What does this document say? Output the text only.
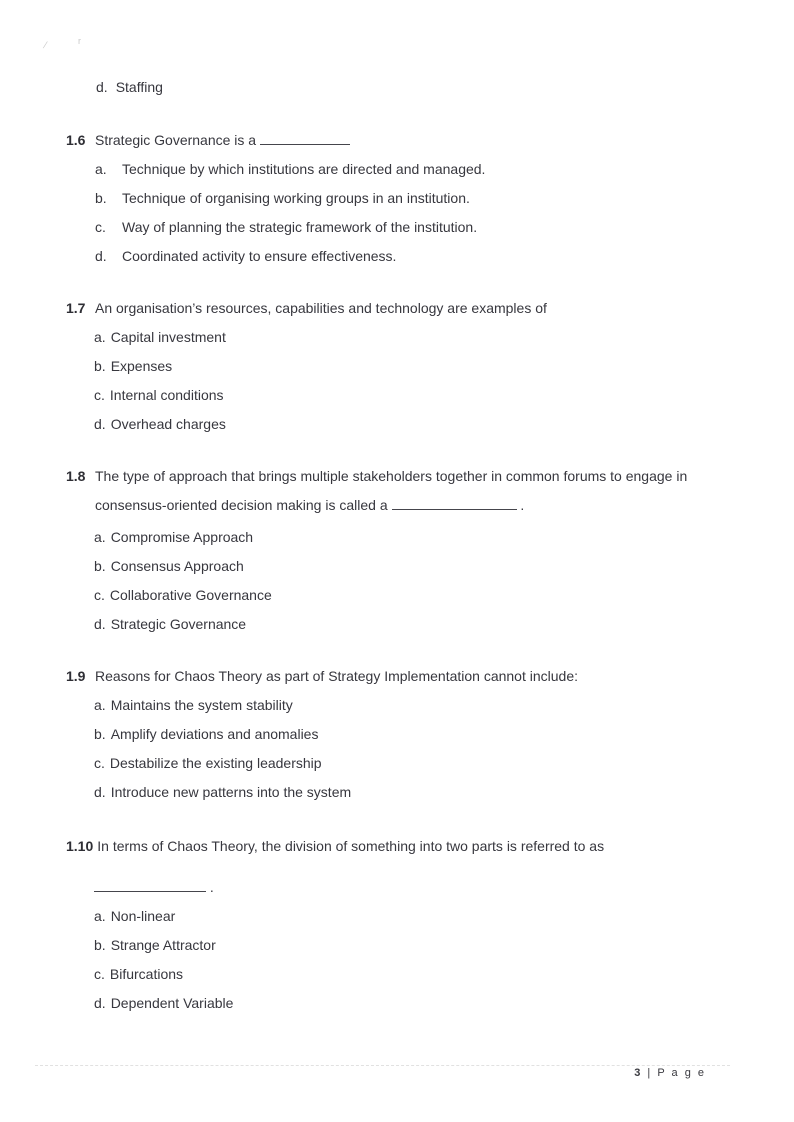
/	r
d. Staffing
1.6 Strategic Governance is a
a. Technique by which institutions are directed and managed.
b. Technique of organising working groups in an institution.
c. Way of planning the strategic framework of the institution.
d. Coordinated activity to ensure effectiveness.
1.7 An organisation’s resources, capabilities and technology are examples of
a. Capital investment
b. Expenses
c. Internal conditions
d. Overhead charges
1.8 The type of approach that brings multiple stakeholders together in common forums to engage in consensus-oriented decision making is called a	.
a. Compromise Approach
b. Consensus Approach
c. Collaborative Governance
d. Strategic Governance
1.9 Reasons for Chaos Theory as part of Strategy Implementation cannot include:
a. Maintains the system stability
b. Amplify deviations and anomalies
c. Destabilize the existing leadership
d. Introduce new patterns into the system
1.10 In terms of Chaos Theory, the division of something into two parts is referred to as
.
a. Non-linear
b. Strange Attractor
c. Bifurcations
d. Dependent Variable
3 | P a g e
